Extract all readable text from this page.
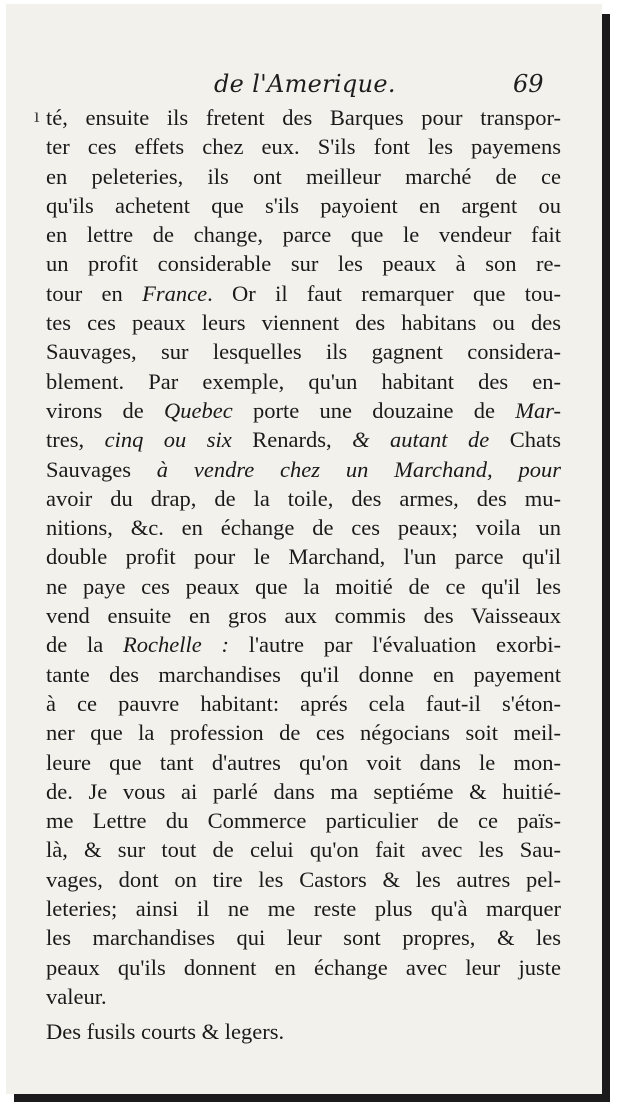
de l'Amerique.	69
ı té, ensuite ils fretent des Barques pour transpor-
ter ces effets chez eux. S'ils font les payemens
en peleteries, ils ont meilleur marché de ce
qu'ils achetent que s'ils payoient en argent ou
en lettre de change, parce que le vendeur fait
un profit considerable sur les peaux à son re-
tour en France. Or il faut remarquer que tou-
tes ces peaux leurs viennent des habitans ou des
Sauvages, sur lesquelles ils gagnent considera-
blement. Par exemple, qu'un habitant des en-
virons de Quebec porte une douzaine de Mar-
tres, cinq ou six Renards, & autant de Chats
Sauvages à vendre chez un Marchand, pour
avoir du drap, de la toile, des armes, des mu-
nitions, &c. en échange de ces peaux; voila un
double profit pour le Marchand, l'un parce qu'il
ne paye ces peaux que la moitié de ce qu'il les
vend ensuite en gros aux commis des Vaisseaux
de la Rochelle : l'autre par l'évaluation exorbi-
tante des marchandises qu'il donne en payement
à ce pauvre habitant: aprés cela faut-il s'éton-
ner que la profession de ces négocians soit meil-
leure que tant d'autres qu'on voit dans le mon-
de. Je vous ai parlé dans ma septiéme & huitié-
me Lettre du Commerce particulier de ce païs-
là, & sur tout de celui qu'on fait avec les Sau-
vages, dont on tire les Castors & les autres pel-
leteries; ainsi il ne me reste plus qu'à marquer
les marchandises qui leur sont propres, & les
peaux qu'ils donnent en échange avec leur juste
valeur.
Des fusils courts & legers.
